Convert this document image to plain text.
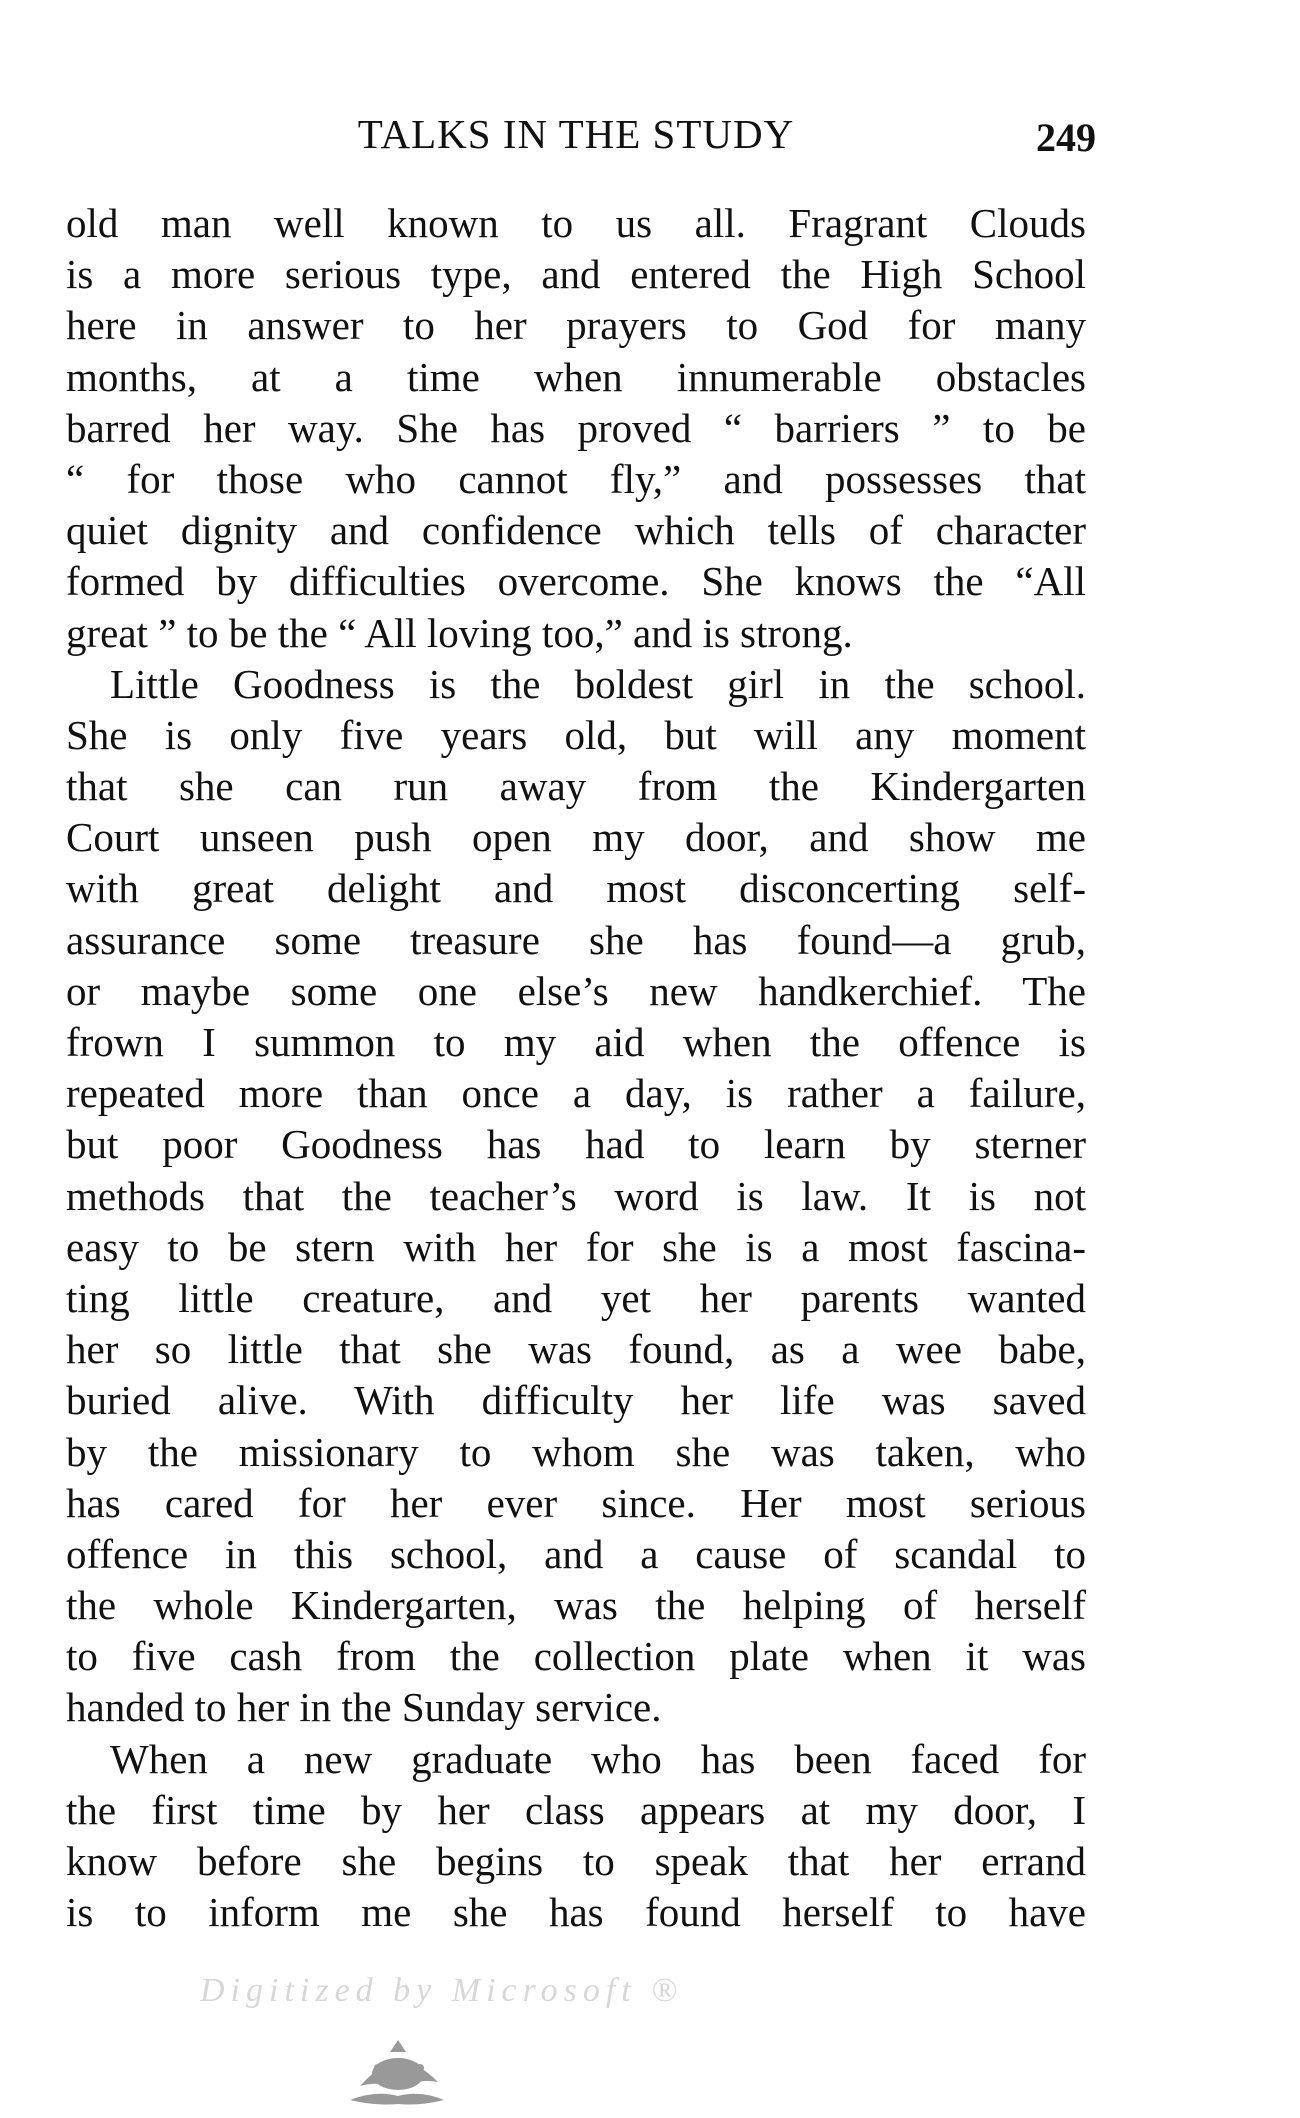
TALKS IN THE STUDY	249
old man well known to us all. Fragrant Clouds
is a more serious type, and entered the High School
here in answer to her prayers to God for many
months, at a time when innumerable obstacles
barred her way. She has proved “ barriers ” to be
“ for those who cannot fly,” and possesses that
quiet dignity and confidence which tells of character
formed by difficulties overcome. She knows the “All
great ” to be the “ All loving too,” and is strong.
Little Goodness is the boldest girl in the school.
She is only five years old, but will any moment
that she can run away from the Kindergarten
Court unseen push open my door, and show me
with great delight and most disconcerting self-
assurance some treasure she has found—a grub,
or maybe some one else’s new handkerchief. The
frown I summon to my aid when the offence is
repeated more than once a day, is rather a failure,
but poor Goodness has had to learn by sterner
methods that the teacher’s word is law. It is not
easy to be stern with her for she is a most fascina-
ting little creature, and yet her parents wanted
her so little that she was found, as a wee babe,
buried alive. With difficulty her life was saved
by the missionary to whom she was taken, who
has cared for her ever since. Her most serious
offence in this school, and a cause of scandal to
the whole Kindergarten, was the helping of herself
to five cash from the collection plate when it was
handed to her in the Sunday service.
When a new graduate who has been faced for
the first time by her class appears at my door, I
know before she begins to speak that her errand
is to inform me she has found herself to have
Digitized by Microsoft ®
